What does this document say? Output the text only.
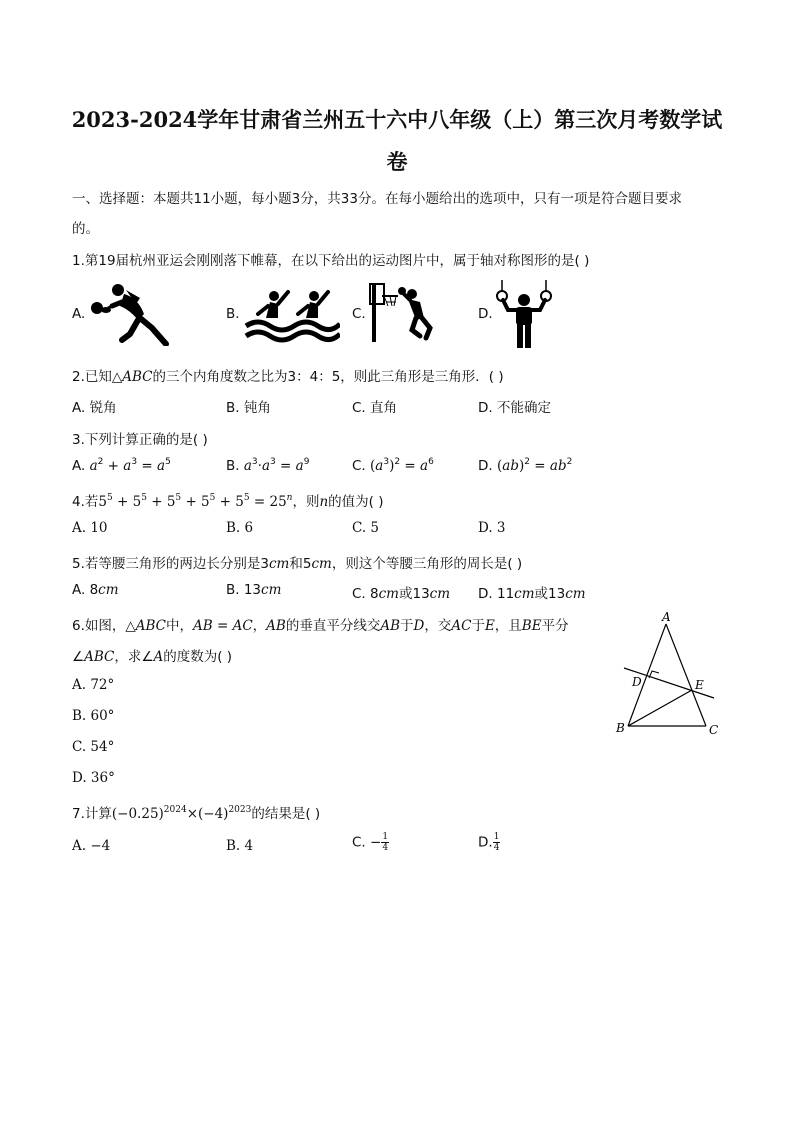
2023-2024学年甘肃省兰州五十六中八年级（上）第三次月考数学试
卷
一、选择题：本题共11小题，每小题3分，共33分。在每小题给出的选项中，只有一项是符合题目要求
的。
1.第19届杭州亚运会刚刚落下帷幕，在以下给出的运动图片中，属于轴对称图形的是( )
A.	B.	C.	D.
2.已知△ABC的三个内角度数之比为3：4：5，则此三角形是三角形．( )
A. 锐角	B. 钝角	C. 直角	D. 不能确定
3.下列计算正确的是( )
A. $a^2 + a^3 = a^5$	B. $a^3\cdot a^3 = a^9$	C. $(a^3)^2 = a^6$	D. $(ab)^2 = ab^2$
4.若$5^5 + 5^5 + 5^5 + 5^5 + 5^5 = 25^n$，则n的值为( )
A. 10	B. 6	C. 5	D. 3
5.若等腰三角形的两边长分别是3cm和5cm，则这个等腰三角形的周长是( )
A. 8cm	B. 13cm	C. 8cm或13cm D. 11cm或13cm
6.如图，△ABC中，AB = AC，AB的垂直平分线交AB于D，交AC于E，且BE平分
∠ABC，求∠A的度数为( )
A. 72°
B. 60°
C. 54°
D. 36°
A
B	C
D	E
7.计算$(-0.25)^{2024}\times(-4)^{2023}$的结果是( )
A. −4	B. 4	C. − $\frac{1}{4}$	D. $\frac{1}{4}$
